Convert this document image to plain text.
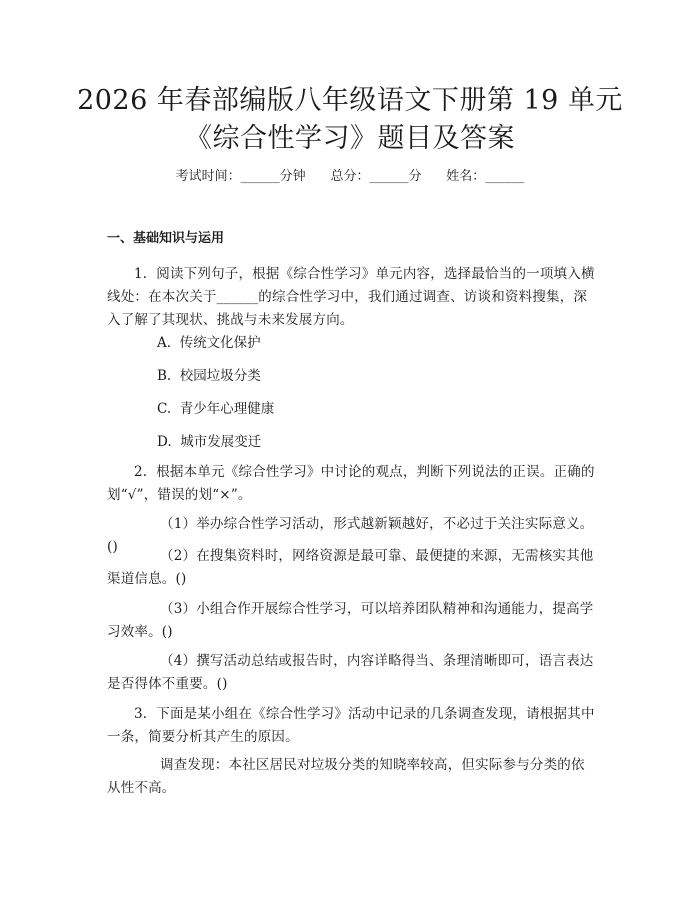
2026 年春部编版八年级语文下册第 19 单元
《综合性学习》题目及答案
考试时间：______分钟 总分：______分 姓名：______
一、基础知识与运用
1.  阅读下列句子，根据《综合性学习》单元内容，选择最恰当的一项填入横线处：在本次关于______的综合性学习中，我们通过调查、访谈和资料搜集，深入了解了其现状、挑战与未来发展方向。
A.  传统文化保护
B.  校园垃圾分类
C.  青少年心理健康
D.  城市发展变迁
2.  根据本单元《综合性学习》中讨论的观点，判断下列说法的正误。正确的划“√”，错误的划“×”。
（1）举办综合性学习活动，形式越新颖越好，不必过于关注实际意义。()
（2）在搜集资料时，网络资源是最可靠、最便捷的来源，无需核实其他渠道信息。()
（3）小组合作开展综合性学习，可以培养团队精神和沟通能力，提高学习效率。()
（4）撰写活动总结或报告时，内容详略得当、条理清晰即可，语言表达是否得体不重要。()
3.  下面是某小组在《综合性学习》活动中记录的几条调查发现，请根据其中一条，简要分析其产生的原因。
调查发现：本社区居民对垃圾分类的知晓率较高，但实际参与分类的依从性不高。
